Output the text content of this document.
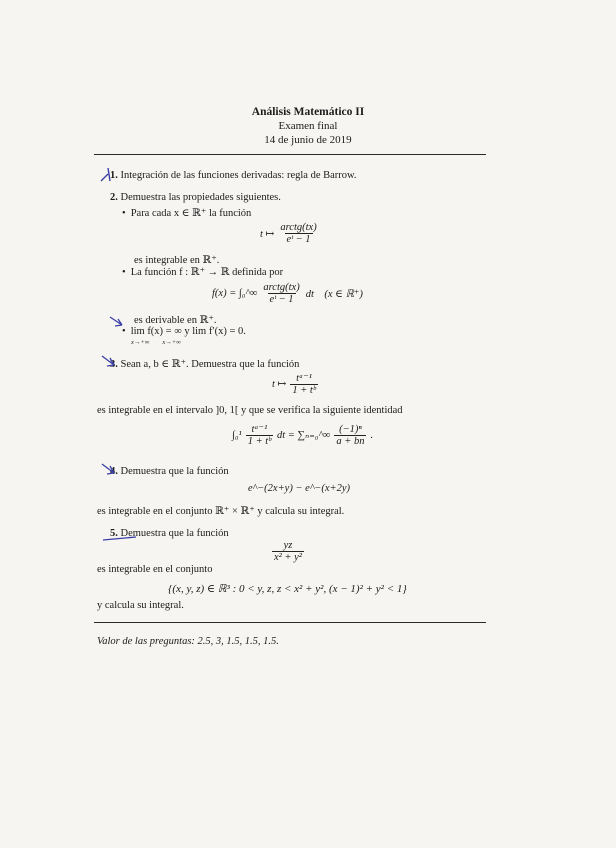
Análisis Matemático II
Examen final
14 de junio de 2019
1. Integración de las funciones derivadas: regla de Barrow.
2. Demuestra las propiedades siguientes.
• Para cada x ∈ ℝ⁺ la función
t ↦ $\frac{\text{arctg(tx)}}{\text{eᵗ − 1}}$
es integrable en ℝ⁺.
• La función f : ℝ⁺ → ℝ definida por
f(x) = ∫₀^∞ $\frac{\text{arctg(tx)}}{\text{eᵗ − 1}}$ dt    (x ∈ ℝ⁺)
es derivable en ℝ⁺.
• lim f(x) = ∞ y lim f′(x) = 0.
x→+∞        x→+∞
3. Sean a, b ∈ ℝ⁺. Demuestra que la función
t ↦ $\frac{\text{tᵃ⁻¹}}{\text{1 + tᵇ}}$
es integrable en el intervalo ]0, 1[ y que se verifica la siguiente identidad
$\int_0^1 \frac{\text{tᵃ⁻¹}}{\text{1 + tᵇ}}$ dt = ∑ₙ₌₀^∞ $\frac{\text{(−1)ⁿ}}{a + bn}$ .
4. Demuestra que la función
e^−(2x+y) − e^−(x+2y)
es integrable en el conjunto ℝ⁺ × ℝ⁺ y calcula su integral.
5. Demuestra que la función
$\frac{yz}{\text{x² + y²}}$
es integrable en el conjunto
{(x, y, z) ∈ ℝ³ : 0 < y, z, z < x² + y², (x − 1)² + y² < 1}
y calcula su integral.
Valor de las preguntas: 2.5, 3, 1.5, 1.5, 1.5.
